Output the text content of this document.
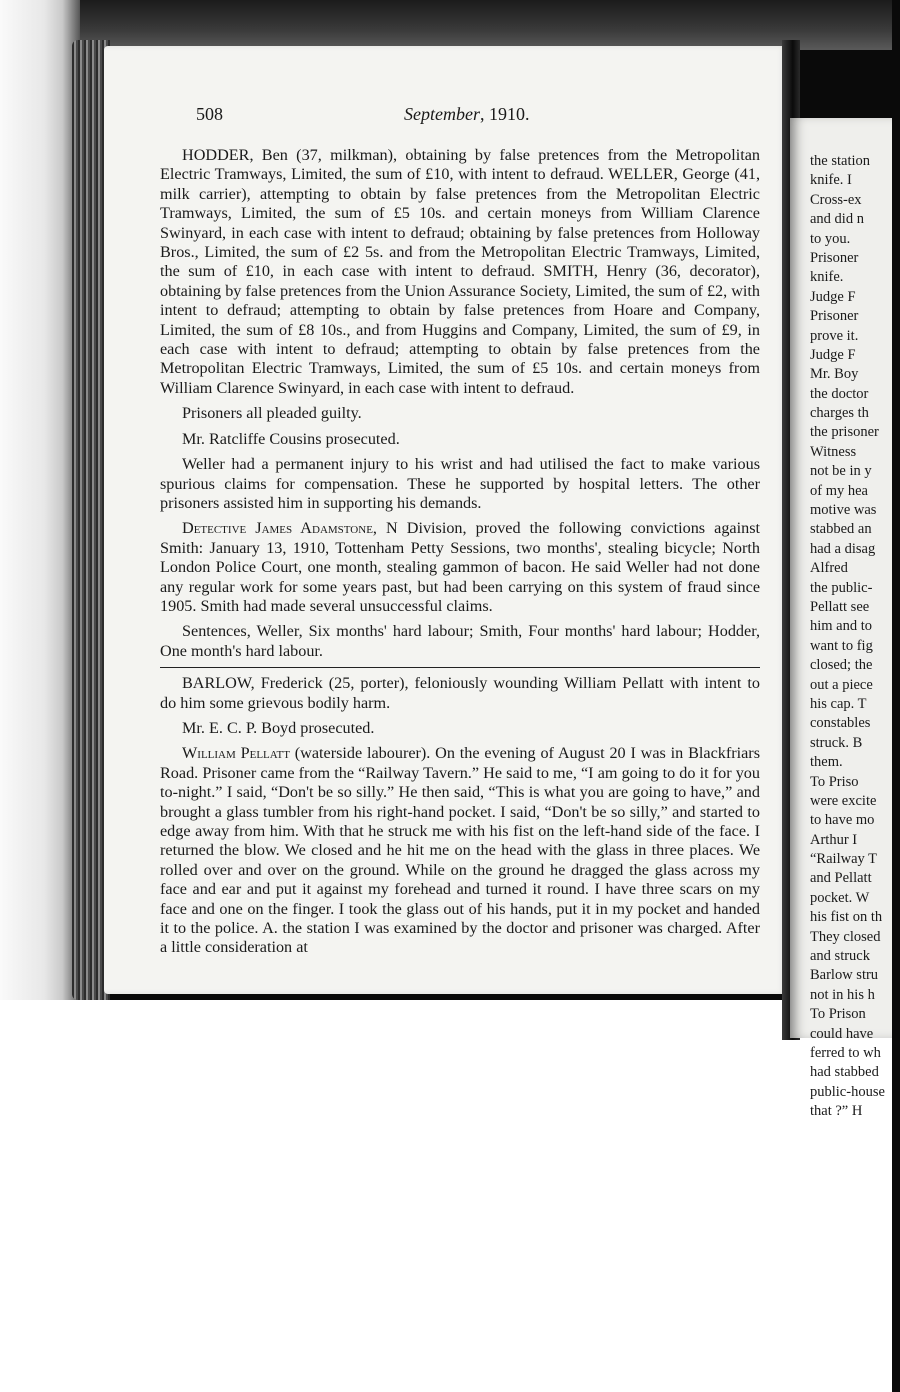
the station
knife. I
Cross-ex
and did n
to you.
Prisoner
knife.
Judge F
Prisoner
prove it.
Judge F
Mr. Boy
the doctor
charges th
the prisoner
Witness
not be in y
of my hea
motive was
stabbed an
had a disag
Alfred
the public-
Pellatt see
him and to
want to fig
closed; the
out a piece
his cap. T
constables
struck. B
them.
To Priso
were excite
to have mo
Arthur I
“Railway T
and Pellatt
pocket. W
his fist on th
They closed
and struck
Barlow stru
not in his h
To Prison
could have
ferred to wh
had stabbed
public-house
that ?” H
508	September, 1910.

HODDER, Ben (37, milkman), obtaining by false pretences from the Metropolitan Electric Tramways, Limited, the sum of £10, with intent to defraud. WELLER, George (41, milk carrier), attempting to obtain by false pretences from the Metropolitan Electric Tramways, Limited, the sum of £5 10s. and certain moneys from William Clarence Swinyard, in each case with intent to defraud; obtaining by false pretences from Holloway Bros., Limited, the sum of £2 5s. and from the Metropolitan Electric Tramways, Limited, the sum of £10, in each case with intent to defraud. SMITH, Henry (36, decorator), obtaining by false pretences from the Union Assurance Society, Limited, the sum of £2, with intent to defraud; attempting to obtain by false pretences from Hoare and Company, Limited, the sum of £8 10s., and from Huggins and Company, Limited, the sum of £9, in each case with intent to defraud; attempting to obtain by false pretences from the Metropolitan Electric Tramways, Limited, the sum of £5 10s. and certain moneys from William Clarence Swinyard, in each case with intent to defraud.

Prisoners all pleaded guilty.

Mr. Ratcliffe Cousins prosecuted.

Weller had a permanent injury to his wrist and had utilised the fact to make various spurious claims for compensation. These he supported by hospital letters. The other prisoners assisted him in supporting his demands.

Detective James Adamstone, N Division, proved the following convictions against Smith: January 13, 1910, Tottenham Petty Sessions, two months', stealing bicycle; North London Police Court, one month, stealing gammon of bacon. He said Weller had not done any regular work for some years past, but had been carrying on this system of fraud since 1905. Smith had made several unsuccessful claims.

Sentences, Weller, Six months' hard labour; Smith, Four months' hard labour; Hodder, One month's hard labour.

BARLOW, Frederick (25, porter), feloniously wounding William Pellatt with intent to do him some grievous bodily harm.

Mr. E. C. P. Boyd prosecuted.

William Pellatt (waterside labourer). On the evening of August 20 I was in Blackfriars Road. Prisoner came from the “Railway Tavern.” He said to me, “I am going to do it for you to-night.” I said, “Don't be so silly.” He then said, “This is what you are going to have,” and brought a glass tumbler from his right-hand pocket. I said, “Don't be so silly,” and started to edge away from him. With that he struck me with his fist on the left-hand side of the face. I returned the blow. We closed and he hit me on the head with the glass in three places. We rolled over and over on the ground. While on the ground he dragged the glass across my face and ear and put it against my forehead and turned it round. I have three scars on my face and one on the finger. I took the glass out of his hands, put it in my pocket and handed it to the police. A. the station I was examined by the doctor and prisoner was charged. After a little consideration at
